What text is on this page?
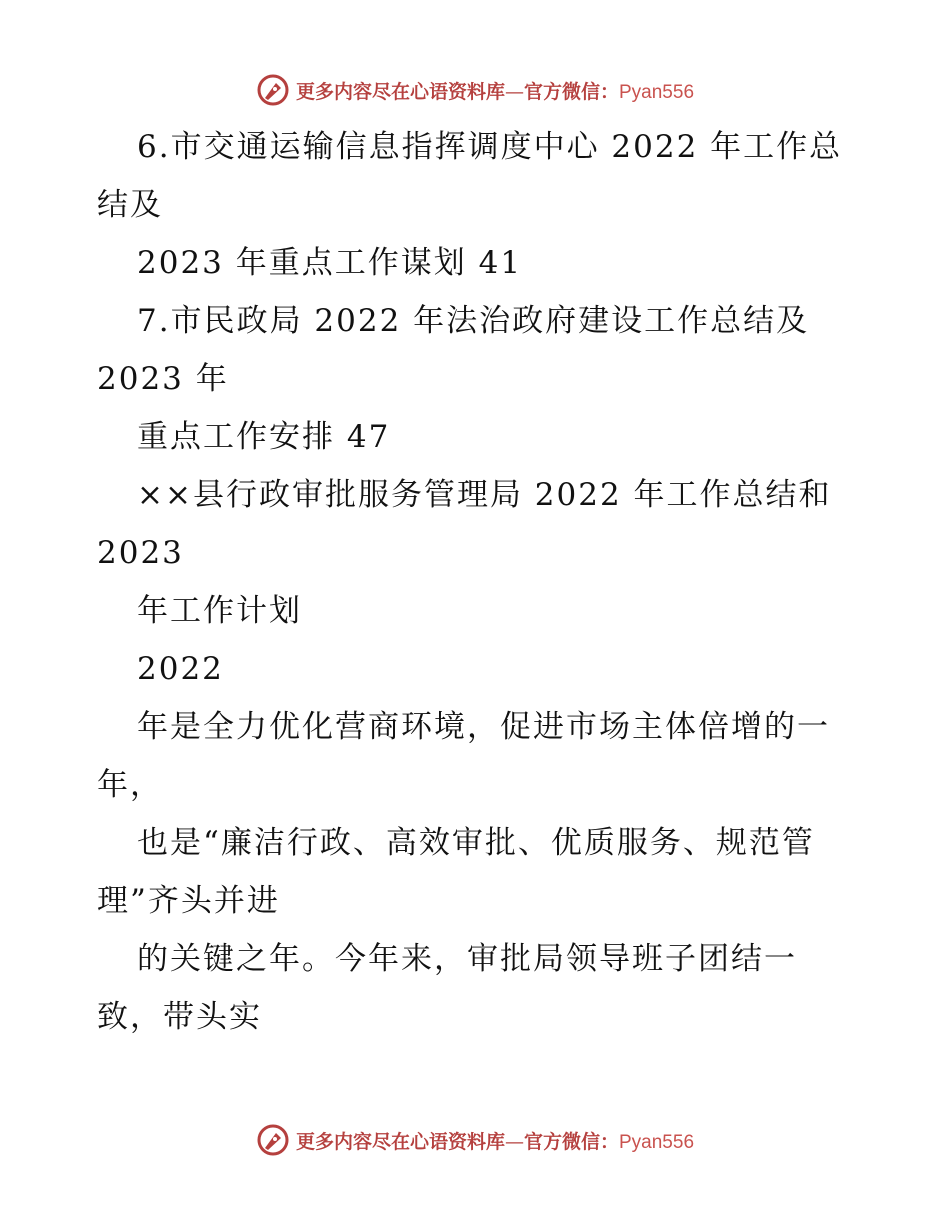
更多内容尽在心语资料库—官方微信：Pyan556
6.市交通运输信息指挥调度中心 2022 年工作总
结及
2023 年重点工作谋划 41
7.市民政局 2022 年法治政府建设工作总结及
2023 年
重点工作安排 47
××县行政审批服务管理局 2022 年工作总结和
2023
年工作计划
2022
年是全力优化营商环境，促进市场主体倍增的一
年，
也是“廉洁行政、高效审批、优质服务、规范管
理”齐头并进
的关键之年。今年来，审批局领导班子团结一
致，带头实
更多内容尽在心语资料库—官方微信：Pyan556
